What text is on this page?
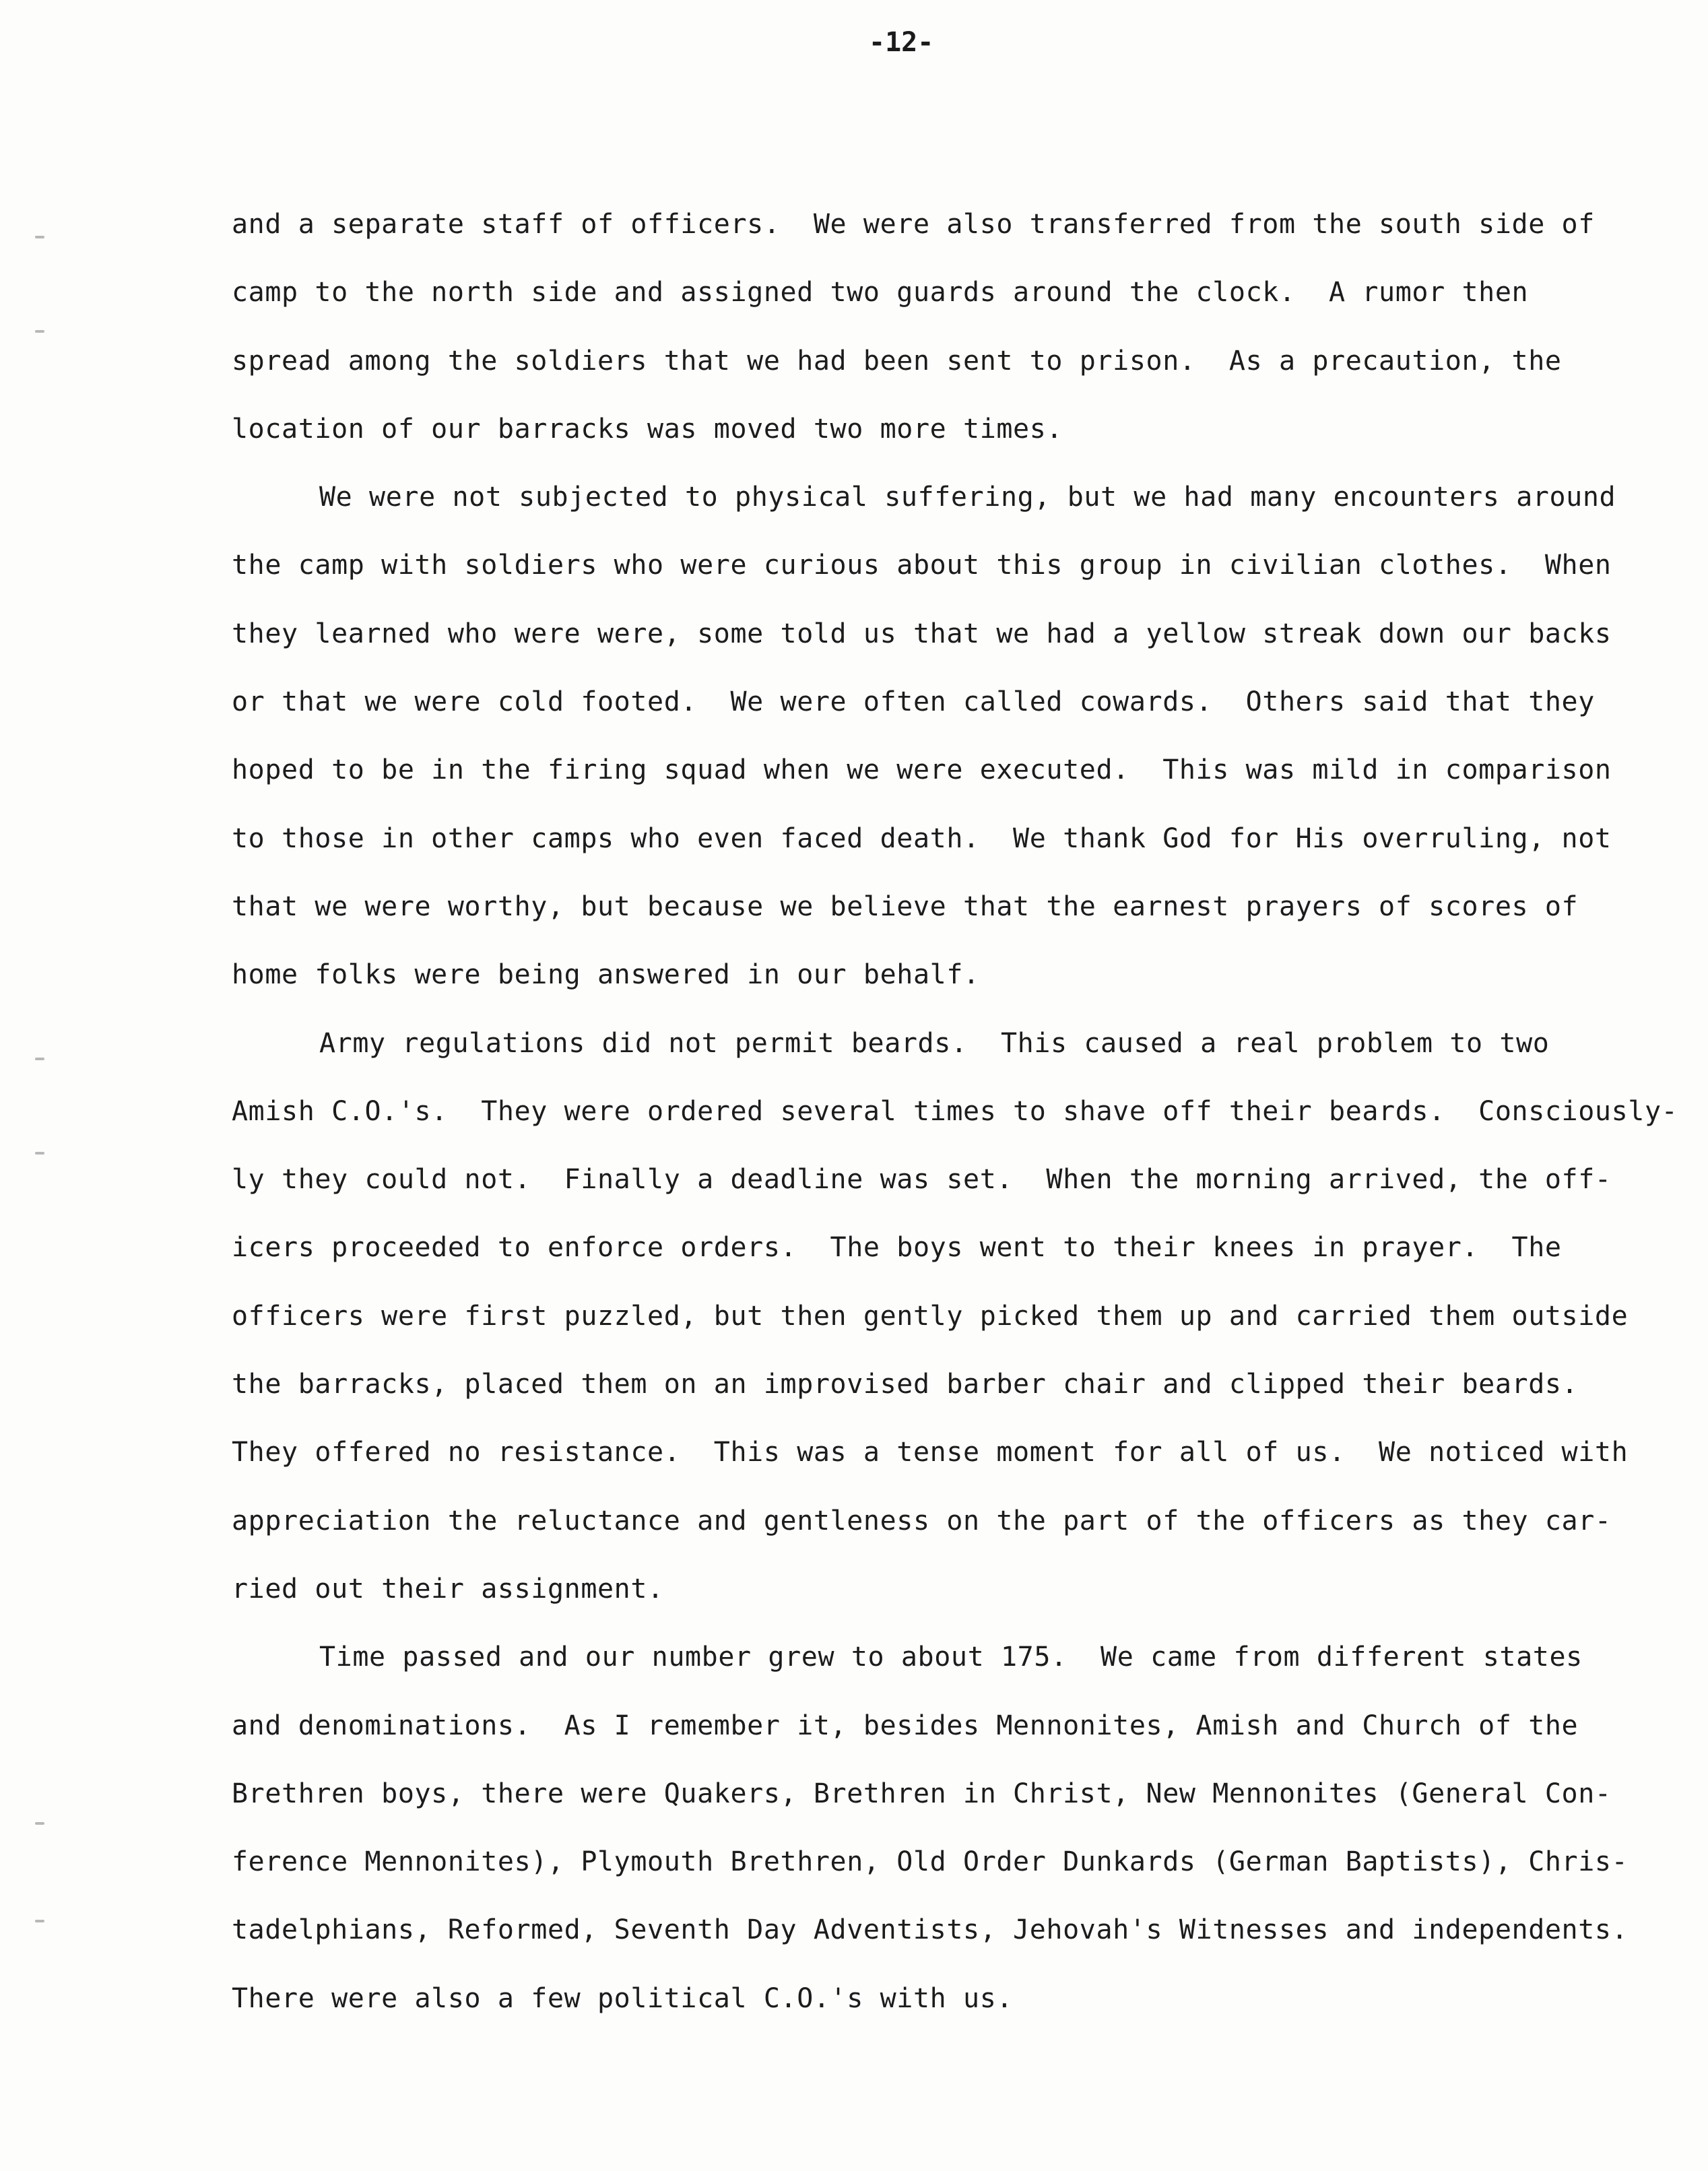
-12-
and a separate staff of officers.  We were also transferred from the south side of
camp to the north side and assigned two guards around the clock.  A rumor then
spread among the soldiers that we had been sent to prison.  As a precaution, the
location of our barracks was moved two more times.
We were not subjected to physical suffering, but we had many encounters around
the camp with soldiers who were curious about this group in civilian clothes.  When
they learned who were were, some told us that we had a yellow streak down our backs
or that we were cold footed.  We were often called cowards.  Others said that they
hoped to be in the firing squad when we were executed.  This was mild in comparison
to those in other camps who even faced death.  We thank God for His overruling, not
that we were worthy, but because we believe that the earnest prayers of scores of
home folks were being answered in our behalf.
Army regulations did not permit beards.  This caused a real problem to two
Amish C.O.'s.  They were ordered several times to shave off their beards.  Consciously-
ly they could not.  Finally a deadline was set.  When the morning arrived, the off-
icers proceeded to enforce orders.  The boys went to their knees in prayer.  The
officers were first puzzled, but then gently picked them up and carried them outside
the barracks, placed them on an improvised barber chair and clipped their beards.
They offered no resistance.  This was a tense moment for all of us.  We noticed with
appreciation the reluctance and gentleness on the part of the officers as they car-
ried out their assignment.
Time passed and our number grew to about 175.  We came from different states
and denominations.  As I remember it, besides Mennonites, Amish and Church of the
Brethren boys, there were Quakers, Brethren in Christ, New Mennonites (General Con-
ference Mennonites), Plymouth Brethren, Old Order Dunkards (German Baptists), Chris-
tadelphians, Reformed, Seventh Day Adventists, Jehovah's Witnesses and independents.
There were also a few political C.O.'s with us.
